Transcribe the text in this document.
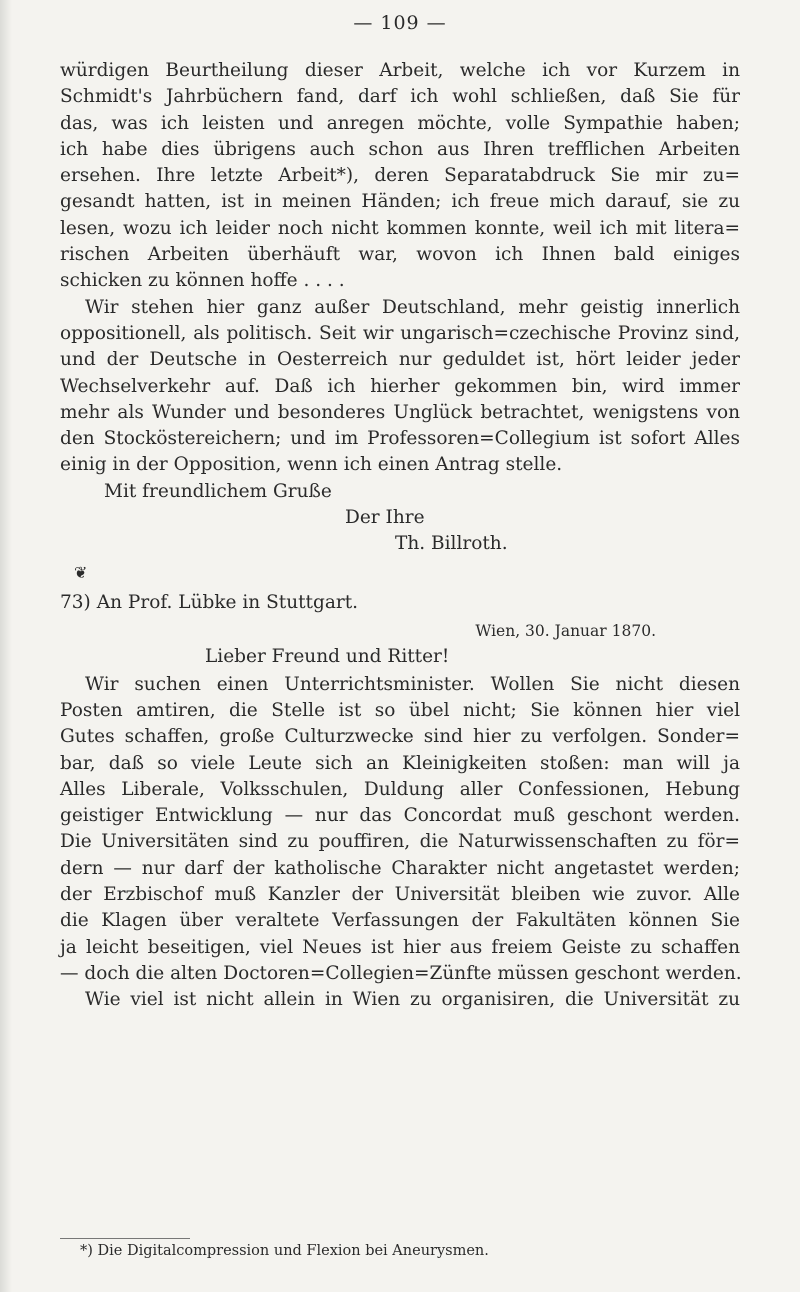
— 109 —
würdigen Beurtheilung dieser Arbeit, welche ich vor Kurzem in
Schmidt's Jahrbüchern fand, darf ich wohl schließen, daß Sie für
das, was ich leisten und anregen möchte, volle Sympathie haben;
ich habe dies übrigens auch schon aus Ihren trefflichen Arbeiten
ersehen. Ihre letzte Arbeit*), deren Separatabdruck Sie mir zu=
gesandt hatten, ist in meinen Händen; ich freue mich darauf, sie zu
lesen, wozu ich leider noch nicht kommen konnte, weil ich mit litera=
rischen Arbeiten überhäuft war, wovon ich Ihnen bald einiges
schicken zu können hoffe . . . .
Wir stehen hier ganz außer Deutschland, mehr geistig innerlich
oppositionell, als politisch. Seit wir ungarisch=czechische Provinz sind,
und der Deutsche in Oesterreich nur geduldet ist, hört leider jeder
Wechselverkehr auf. Daß ich hierher gekommen bin, wird immer
mehr als Wunder und besonderes Unglück betrachtet, wenigstens von
den Stocköstereichern; und im Professoren=Collegium ist sofort Alles
einig in der Opposition, wenn ich einen Antrag stelle.
Mit freundlichem Gruße
Der Ihre
Th. Billroth.
❦
73) An Prof. Lübke in Stuttgart.
Wien, 30. Januar 1870.
Lieber Freund und Ritter!
Wir suchen einen Unterrichtsminister. Wollen Sie nicht diesen
Posten amtiren, die Stelle ist so übel nicht; Sie können hier viel
Gutes schaffen, große Culturzwecke sind hier zu verfolgen. Sonder=
bar, daß so viele Leute sich an Kleinigkeiten stoßen: man will ja
Alles Liberale, Volksschulen, Duldung aller Confessionen, Hebung
geistiger Entwicklung — nur das Concordat muß geschont werden.
Die Universitäten sind zu pouffiren, die Naturwissenschaften zu för=
dern — nur darf der katholische Charakter nicht angetastet werden;
der Erzbischof muß Kanzler der Universität bleiben wie zuvor. Alle
die Klagen über veraltete Verfassungen der Fakultäten können Sie
ja leicht beseitigen, viel Neues ist hier aus freiem Geiste zu schaffen
— doch die alten Doctoren=Collegien=Zünfte müssen geschont werden.
Wie viel ist nicht allein in Wien zu organisiren, die Universität zu
*) Die Digitalcompression und Flexion bei Aneurysmen.
